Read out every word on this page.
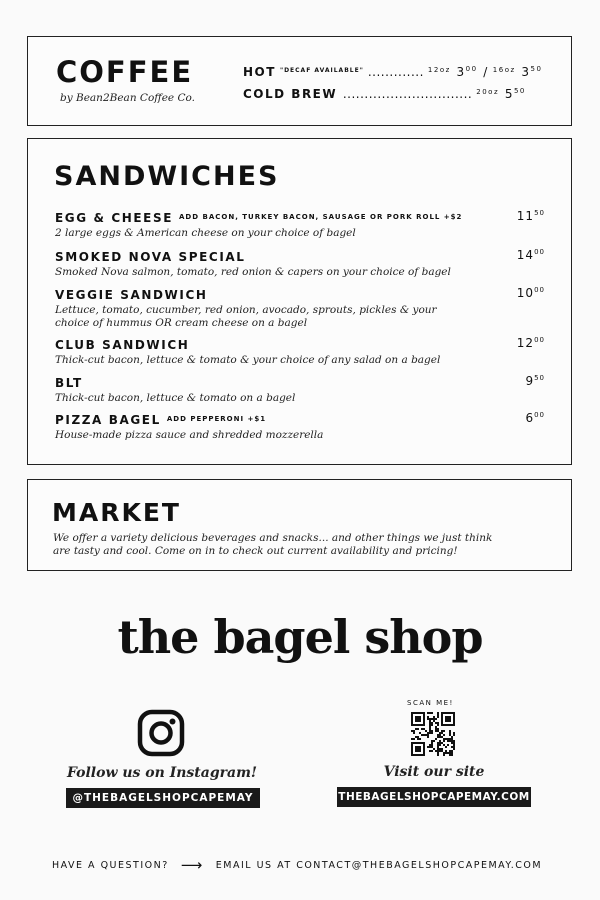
COFFEE
by Bean2Bean Coffee Co.
HOT $^{"DECAF AVAILABLE"}$ ............. $^{12oz}$ $3^{00} / ^{16oz}$ $3^{50}$
COLD BREW .............................. $^{20oz}$ $5^{50}$
SANDWICHES
EGG & CHEESE ADD BACON, TURKEY BACON, SAUSAGE OR PORK ROLL +$2
2 large eggs & American cheese on your choice of bagel
$11^{50}$
SMOKED NOVA SPECIAL
Smoked Nova salmon, tomato, red onion & capers on your choice of bagel
$14^{00}$
VEGGIE SANDWICH
Lettuce, tomato, cucumber, red onion, avocado, sprouts, pickles & your choice of hummus OR cream cheese on a bagel
$10^{00}$
CLUB SANDWICH
Thick-cut bacon, lettuce & tomato & your choice of any salad on a bagel
$12^{00}$
BLT
Thick-cut bacon, lettuce & tomato on a bagel
$9^{50}$
PIZZA BAGEL ADD PEPPERONI +$1
House-made pizza sauce and shredded mozzerella
$6^{00}$
MARKET
We offer a variety delicious beverages and snacks... and other things we just think are tasty and cool. Come on in to check out current availability and pricing!
the bagel shop
Follow us on Instagram!
@THEBAGELSHOPCAPEMAY
SCAN ME!
Visit our site
THEBAGELSHOPCAPEMAY.COM
HAVE A QUESTION? ⟶ EMAIL US AT CONTACT@THEBAGELSHOPCAPEMAY.COM
